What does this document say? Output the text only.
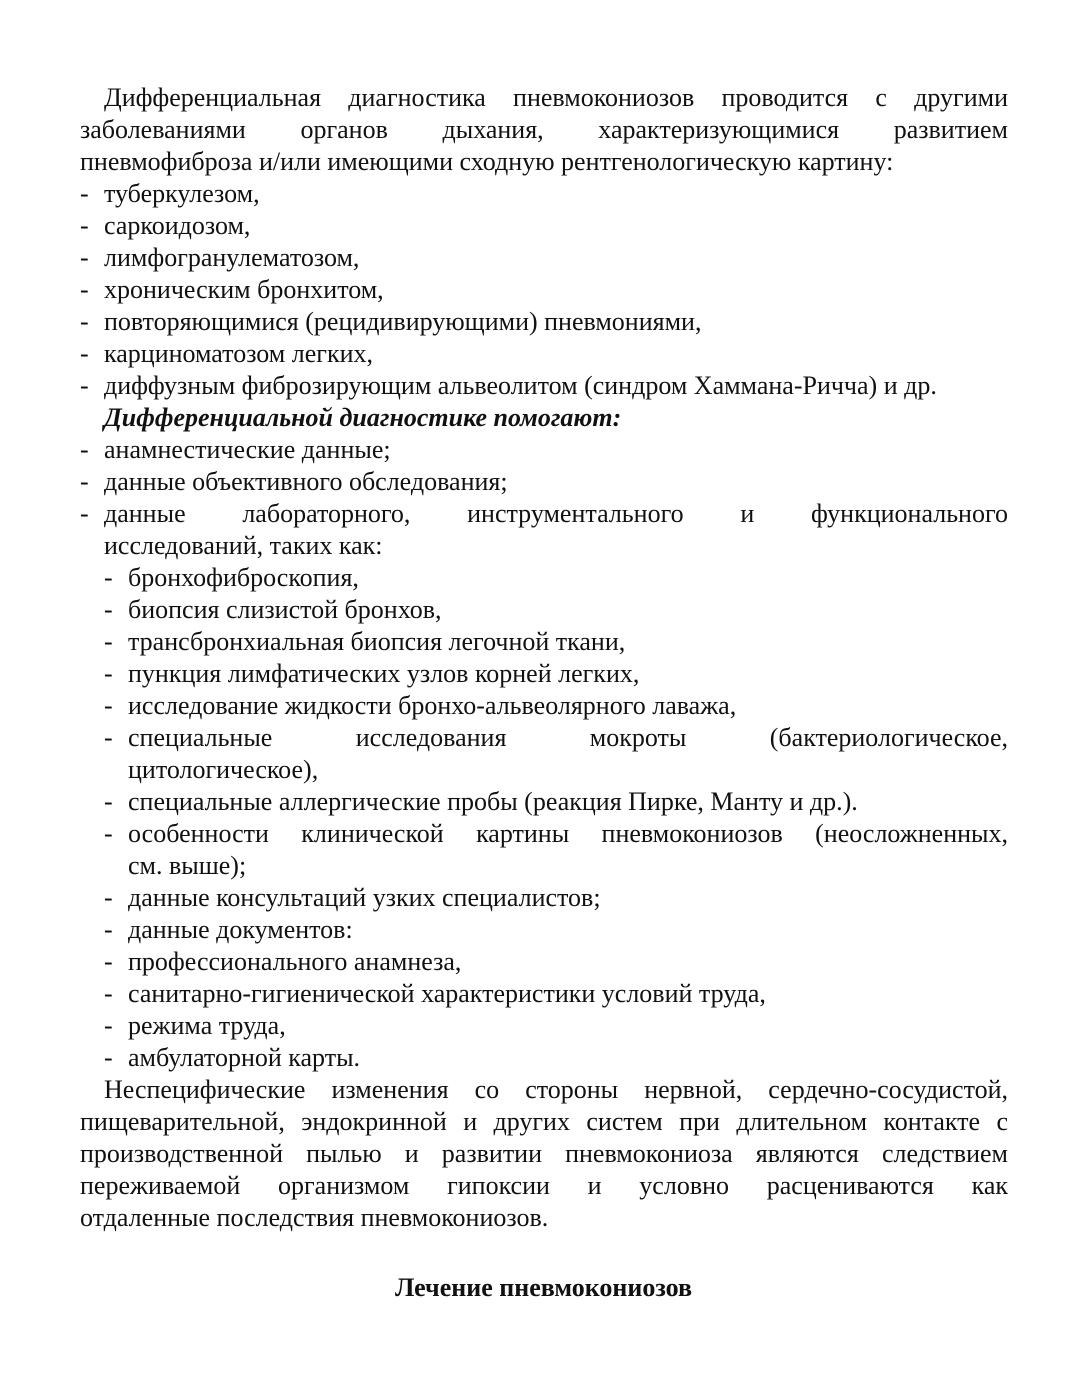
Дифференциальная диагностика пневмокониозов проводится с другими

заболеваниями органов дыхания, характеризующимися развитием

пневмофиброза и/или имеющими сходную рентгенологическую картину:

- туберкулезом,
- саркоидозом,
- лимфогранулематозом,
- хроническим бронхитом,
- повторяющимися (рецидивирующими) пневмониями,
- карциноматозом легких,
- диффузным фиброзирующим альвеолитом (синдром Хаммана-Ричча) и др.

Дифференциальной диагностике помогают:

- анамнестические данные;
- данные объективного обследования;
- данные лабораторного, инструментального и функционального
исследований, таких как:
- бронхофиброскопия,
- биопсия слизистой бронхов,
- трансбронхиальная биопсия легочной ткани,
- пункция лимфатических узлов корней легких,
- исследование жидкости бронхо-альвеолярного лаважа,
- специальные исследования мокроты (бактериологическое,
цитологическое),
- специальные аллергические пробы (реакция Пирке, Манту и др.).
- особенности клинической картины пневмокониозов (неосложненных,
см. выше);
- данные консультаций узких специалистов;
- данные документов:
- профессионального анамнеза,
- санитарно-гигиенической характеристики условий труда,
- режима труда,
- амбулаторной карты.

Неспецифические изменения со стороны нервной, сердечно-сосудистой,

пищеварительной, эндокринной и других систем при длительном контакте с

производственной пылью и развитии пневмокониоза являются следствием

переживаемой организмом гипоксии и условно расцениваются как

отдаленные последствия пневмокониозов.

Лечение пневмокониозов
